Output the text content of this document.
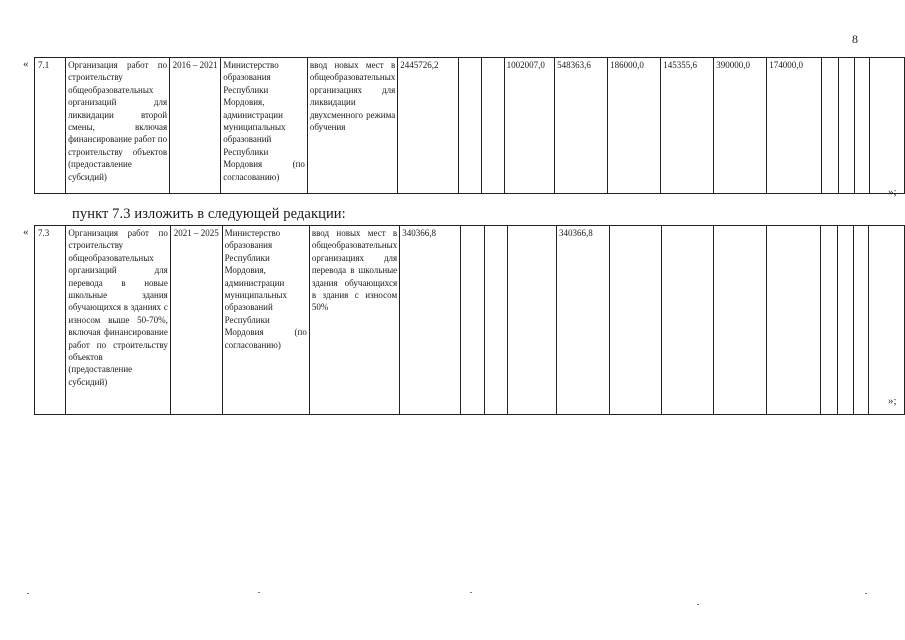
8
« 7.1	Организация работ по строительству общеобразовательных организаций для ликвидации второй смены, включая финансирование работ по строительству объектов (предоставление субсидий)	2016 – 2021	Министерство образования Республики Мордовия, администрации муниципальных образований Республики Мордовия (по согласованию)	ввод новых мест в общеобразовательных организациях для ликвидации двухсменного режима обучения	2445726,2			1002007,0	548363,6	186000,0	145355,6	390000,0	174000,0				
»;
пункт 7.3 изложить в следующей редакции:
« 7.3	Организация работ по строительству общеобразовательных организаций для перевода в новые школьные здания обучающихся в зданиях с износом выше 50-70%, включая финансирование работ по строительству объектов (предоставление субсидий)	2021 – 2025	Министерство образования Республики Мордовия, администрации муниципальных образований Республики Мордовия (по согласованию)	ввод новых мест в общеобразовательных организациях для перевода в школьные здания обучающихся в здания с износом 50%	340366,8				340366,8								
»;
